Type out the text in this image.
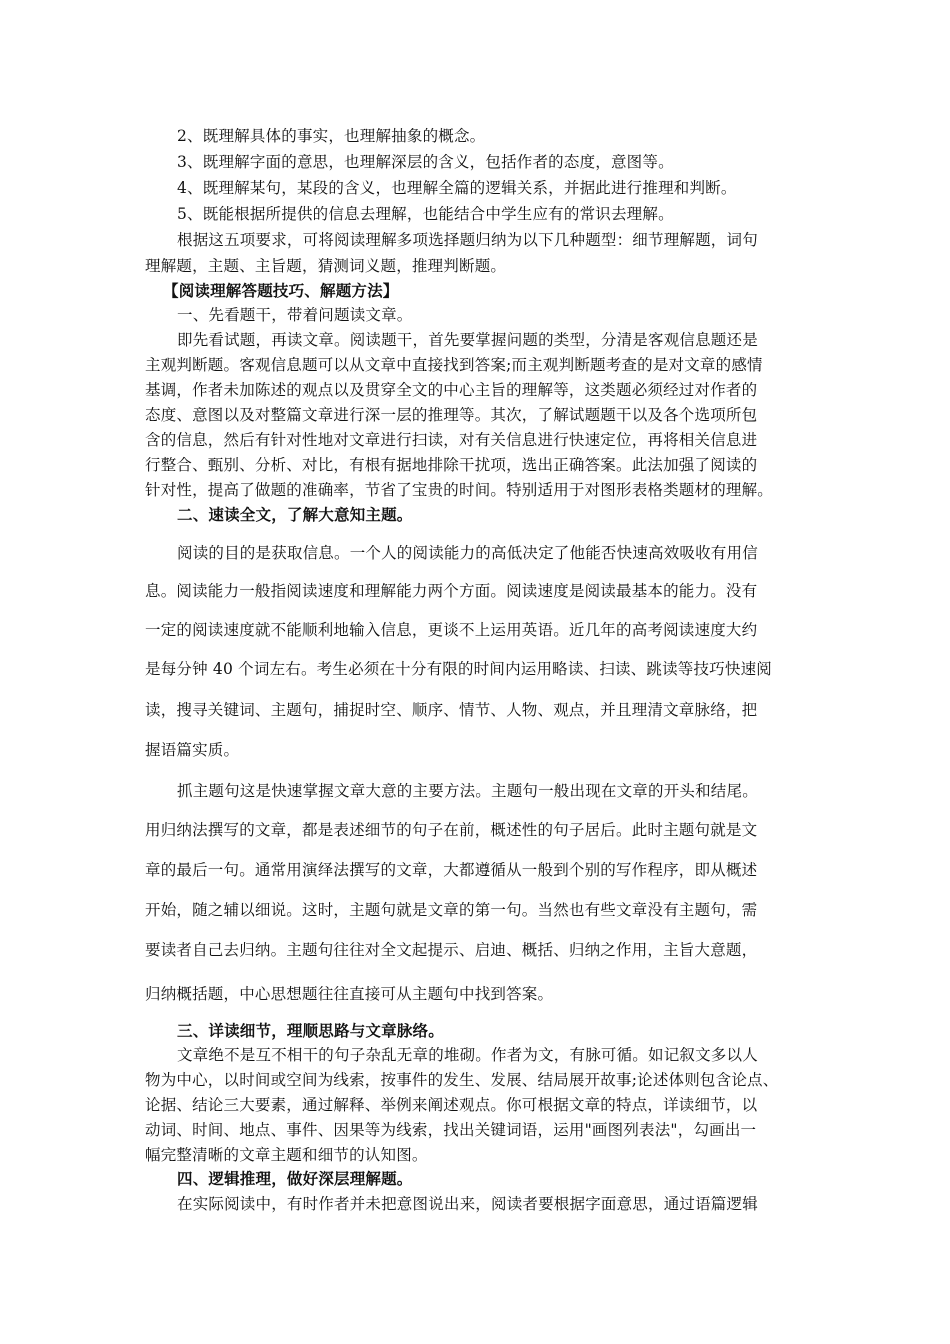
2、既理解具体的事实，也理解抽象的概念。
3、既理解字面的意思，也理解深层的含义，包括作者的态度，意图等。
4、既理解某句，某段的含义，也理解全篇的逻辑关系，并据此进行推理和判断。
5、既能根据所提供的信息去理解，也能结合中学生应有的常识去理解。
根据这五项要求，可将阅读理解多项选择题归纳为以下几种题型：细节理解题，词句
理解题，主题、主旨题，猜测词义题，推理判断题。
【阅读理解答题技巧、解题方法】
一、先看题干，带着问题读文章。
即先看试题，再读文章。阅读题干，首先要掌握问题的类型，分清是客观信息题还是
主观判断题。客观信息题可以从文章中直接找到答案;而主观判断题考查的是对文章的感情
基调，作者未加陈述的观点以及贯穿全文的中心主旨的理解等，这类题必须经过对作者的
态度、意图以及对整篇文章进行深一层的推理等。其次，了解试题题干以及各个选项所包
含的信息，然后有针对性地对文章进行扫读，对有关信息进行快速定位，再将相关信息进
行整合、甄别、分析、对比，有根有据地排除干扰项，选出正确答案。此法加强了阅读的
针对性，提高了做题的准确率，节省了宝贵的时间。特别适用于对图形表格类题材的理解。
二、速读全文，了解大意知主题。
阅读的目的是获取信息。一个人的阅读能力的高低决定了他能否快速高效吸收有用信
息。阅读能力一般指阅读速度和理解能力两个方面。阅读速度是阅读最基本的能力。没有
一定的阅读速度就不能顺利地输入信息，更谈不上运用英语。近几年的高考阅读速度大约
是每分钟 40 个词左右。考生必须在十分有限的时间内运用略读、扫读、跳读等技巧快速阅
读，搜寻关键词、主题句，捕捉时空、顺序、情节、人物、观点，并且理清文章脉络，把
握语篇实质。
抓主题句这是快速掌握文章大意的主要方法。主题句一般出现在文章的开头和结尾。
用归纳法撰写的文章，都是表述细节的句子在前，概述性的句子居后。此时主题句就是文
章的最后一句。通常用演绎法撰写的文章，大都遵循从一般到个别的写作程序，即从概述
开始，随之辅以细说。这时，主题句就是文章的第一句。当然也有些文章没有主题句，需
要读者自己去归纳。主题句往往对全文起提示、启迪、概括、归纳之作用，主旨大意题，
归纳概括题，中心思想题往往直接可从主题句中找到答案。
三、详读细节，理顺思路与文章脉络。
文章绝不是互不相干的句子杂乱无章的堆砌。作者为文，有脉可循。如记叙文多以人
物为中心，以时间或空间为线索，按事件的发生、发展、结局展开故事;论述体则包含论点、
论据、结论三大要素，通过解释、举例来阐述观点。你可根据文章的特点，详读细节，以
动词、时间、地点、事件、因果等为线索，找出关键词语，运用"画图列表法"，勾画出一
幅完整清晰的文章主题和细节的认知图。
四、逻辑推理，做好深层理解题。
在实际阅读中，有时作者并未把意图说出来，阅读者要根据字面意思，通过语篇逻辑
